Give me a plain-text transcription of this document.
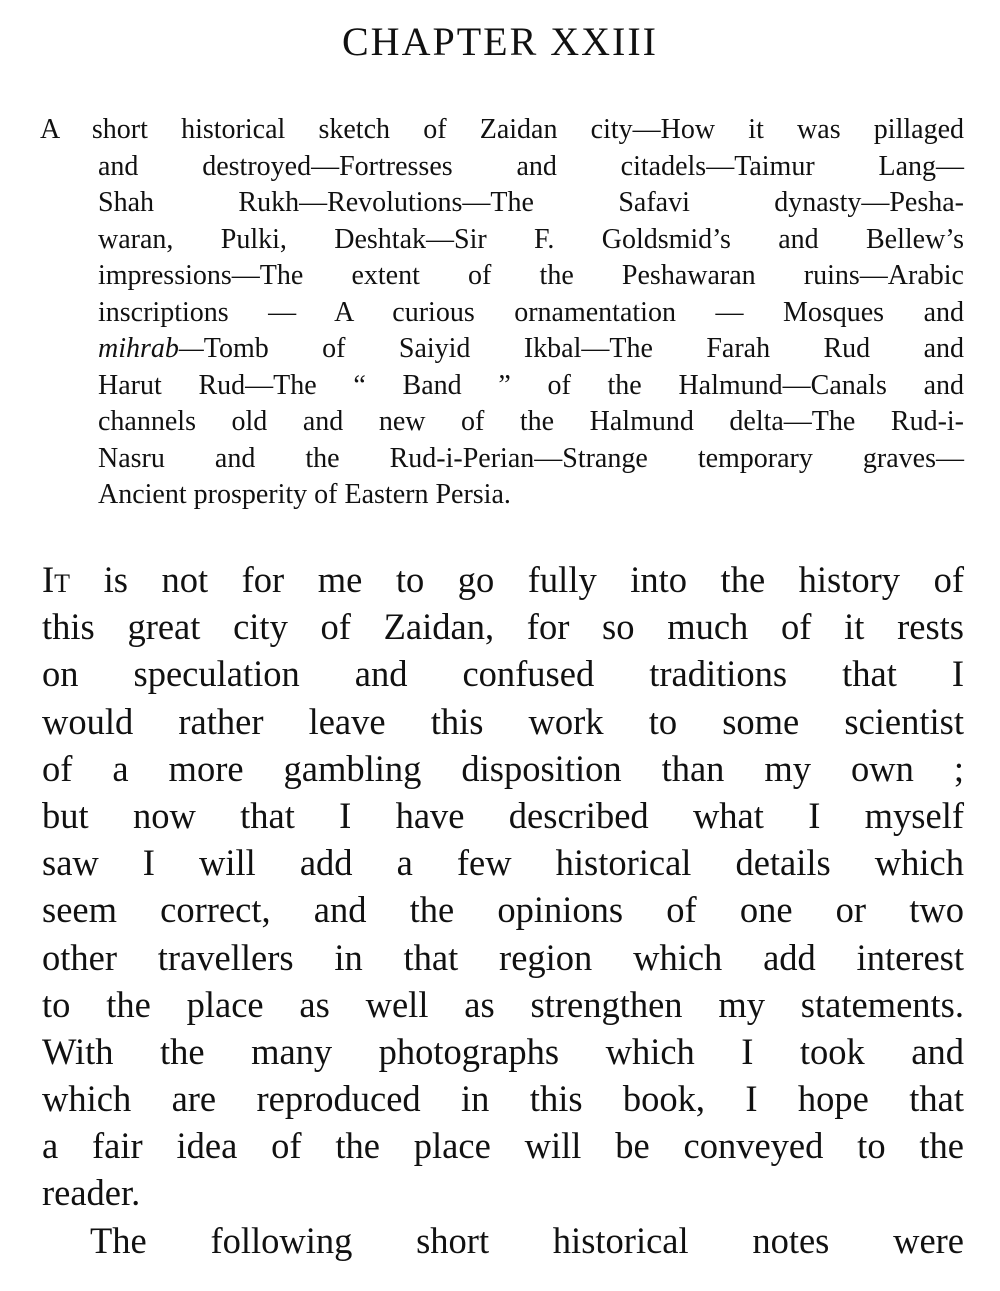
CHAPTER XXIII
A short historical sketch of Zaidan city—How it was pillaged
and destroyed—Fortresses and citadels—Taimur Lang—
Shah Rukh—Revolutions—The Safavi dynasty—Pesha-
waran, Pulki, Deshtak—Sir F. Goldsmid’s and Bellew’s
impressions—The extent of the Peshawaran ruins—Arabic
inscriptions — A curious ornamentation — Mosques and
mihrab—Tomb of Saiyid Ikbal—The Farah Rud and
Harut Rud—The “ Band ” of the Halmund—Canals and
channels old and new of the Halmund delta—The Rud-i-
Nasru and the Rud-i-Perian—Strange temporary graves—
Ancient prosperity of Eastern Persia.
It is not for me to go fully into the history of
this great city of Zaidan, for so much of it rests
on speculation and confused traditions that I
would rather leave this work to some scientist
of a more gambling disposition than my own ;
but now that I have described what I myself
saw I will add a few historical details which
seem correct, and the opinions of one or two
other travellers in that region which add interest
to the place as well as strengthen my statements.
With the many photographs which I took and
which are reproduced in this book, I hope that
a fair idea of the place will be conveyed to the
reader.
The following short historical notes were
